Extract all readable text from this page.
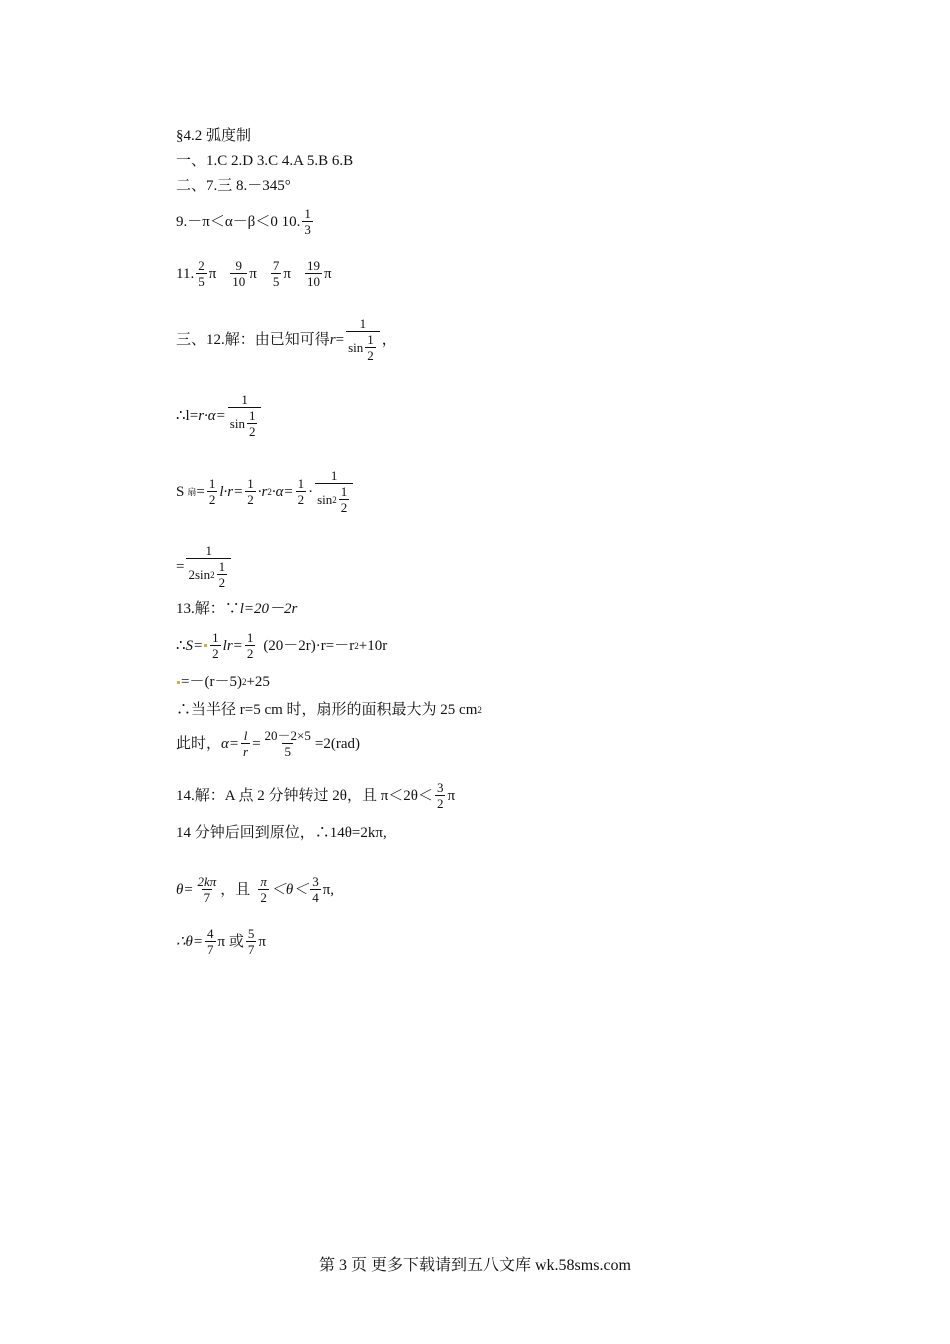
§4.2 弧度制
一、1.C 2.D 3.C 4.A 5.B 6.B
二、7.三 8.－345°
9.－π＜α－β＜0 10. $\frac{1}{3}$
11. $\frac{2}{5}$ π $\frac{9}{10}$ π $\frac{7}{5}$ π $\frac{19}{10}$ π
三、12.解：由已知可得 $r = \frac{1}{\sin \frac{1}{2}}$ ，
∴ $l= r\cdot\alpha= \frac{1}{\sin \frac{1}{2}}$
S 扇 = $\frac{1}{2} l\cdot r= \frac{1}{2} \cdot r$ $2 \cdot\alpha= \frac{1}{2} \cdot \frac{1}{\sin 2 \frac{1}{2}}$
= $\frac{1}{2\sin 2 \frac{1}{2}}$
13.解：∵ l=20－2r
∴ $S= \frac{1}{2} lr= \frac{1}{2} (20-2r)\cdot r=-r$ 2 +10r
=－(r－5) 2 +25
∴当半径 r=5 cm 时，扇形的面积最大为 25 cm 2
此时， $\alpha= \frac{l}{r} = \frac{20-2\times 5}{5} =2(rad)$
14.解：A 点 2 分钟转过 2θ，且 $\pi<2\theta< \frac{3}{2}$ π
14 分钟后回到原位，∴14θ=2kπ,
$\theta= \frac{2k\pi}{7}$ ，且 $\frac{\pi}{2} <\theta< \frac{3}{4} \pi$,
∴θ= $\frac{4}{7}$ π 或 $\frac{5}{7}$ π
第 3 页 更多下载请到五八文库 wk.58sms.com
